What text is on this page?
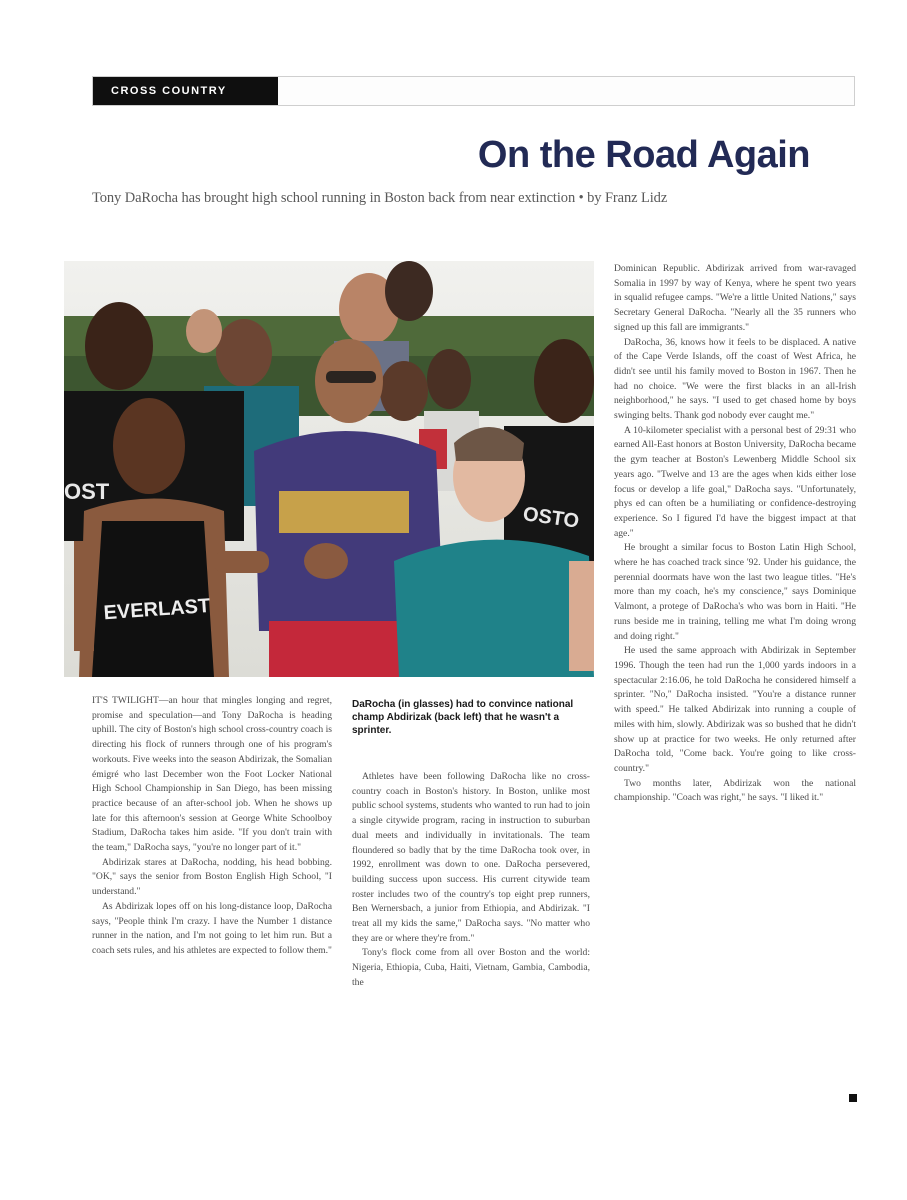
CROSS COUNTRY
On the Road Again
Tony DaRocha has brought high school running in Boston back from near extinction • by Franz Lidz
OST
OSTO
EVERLAST
DaRocha (in glasses) had to convince national champ Abdirizak (back left) that he wasn't a sprinter.

IT'S TWILIGHT—an hour that mingles longing and regret, promise and speculation—and Tony DaRocha is heading uphill. The city of Boston's high school cross-country coach is directing his flock of runners through one of his program's workouts. Five weeks into the season Abdirizak, the Somalian émigré who last December won the Foot Locker National High School Championship in San Diego, has been missing practice because of an after-school job. When he shows up late for this afternoon's session at George White Schoolboy Stadium, DaRocha takes him aside. "If you don't train with the team," DaRocha says, "you're no longer part of it."

Abdirizak stares at DaRocha, nodding, his head bobbing. "OK," says the senior from Boston English High School, "I understand."

As Abdirizak lopes off on his long-distance loop, DaRocha says, "People think I'm crazy. I have the Number 1 distance runner in the nation, and I'm not going to let him run. But a coach sets rules, and his athletes are expected to follow them."

Athletes have been following DaRocha like no cross-country coach in Boston's history. In Boston, unlike most public school systems, students who wanted to run had to join a single citywide program, racing in instruction to suburban dual meets and individually in invitationals. The team floundered so badly that by the time DaRocha took over, in 1992, enrollment was down to one. DaRocha persevered, building success upon success. His current citywide team roster includes two of the country's top eight prep runners, Ben Wernersbach, a junior from Ethiopia, and Abdirizak. "I treat all my kids the same," DaRocha says. "No matter who they are or where they're from."

Tony's flock come from all over Boston and the world: Nigeria, Ethiopia, Cuba, Haiti, Vietnam, Gambia, Cambodia, the

Dominican Republic. Abdirizak arrived from war-ravaged Somalia in 1997 by way of Kenya, where he spent two years in squalid refugee camps. "We're a little United Nations," says Secretary General DaRocha. "Nearly all the 35 runners who signed up this fall are immigrants."

DaRocha, 36, knows how it feels to be displaced. A native of the Cape Verde Islands, off the coast of West Africa, he didn't see until his family moved to Boston in 1967. Then he had no choice. "We were the first blacks in an all-Irish neighborhood," he says. "I used to get chased home by boys swinging belts. Thank god nobody ever caught me."

A 10-kilometer specialist with a personal best of 29:31 who earned All-East honors at Boston University, DaRocha became the gym teacher at Boston's Lewenberg Middle School six years ago. "Twelve and 13 are the ages when kids either lose focus or develop a life goal," DaRocha says. "Unfortunately, phys ed can often be a humiliating or confidence-destroying experience. So I figured I'd have the biggest impact at that age."

He brought a similar focus to Boston Latin High School, where he has coached track since '92. Under his guidance, the perennial doormats have won the last two league titles. "He's more than my coach, he's my conscience," says Dominique Valmont, a protege of DaRocha's who was born in Haiti. "He runs beside me in training, telling me what I'm doing wrong and doing right."

He used the same approach with Abdirizak in September 1996. Though the teen had run the 1,000 yards indoors in a spectacular 2:16.06, he told DaRocha he considered himself a sprinter. "No," DaRocha insisted. "You're a distance runner with speed." He talked Abdirizak into running a couple of miles with him, slowly. Abdirizak was so bushed that he didn't show up at practice for two weeks. He only returned after DaRocha told, "Come back. You're going to like cross-country."

Two months later, Abdirizak won the national championship. "Coach was right," he says. "I liked it."
